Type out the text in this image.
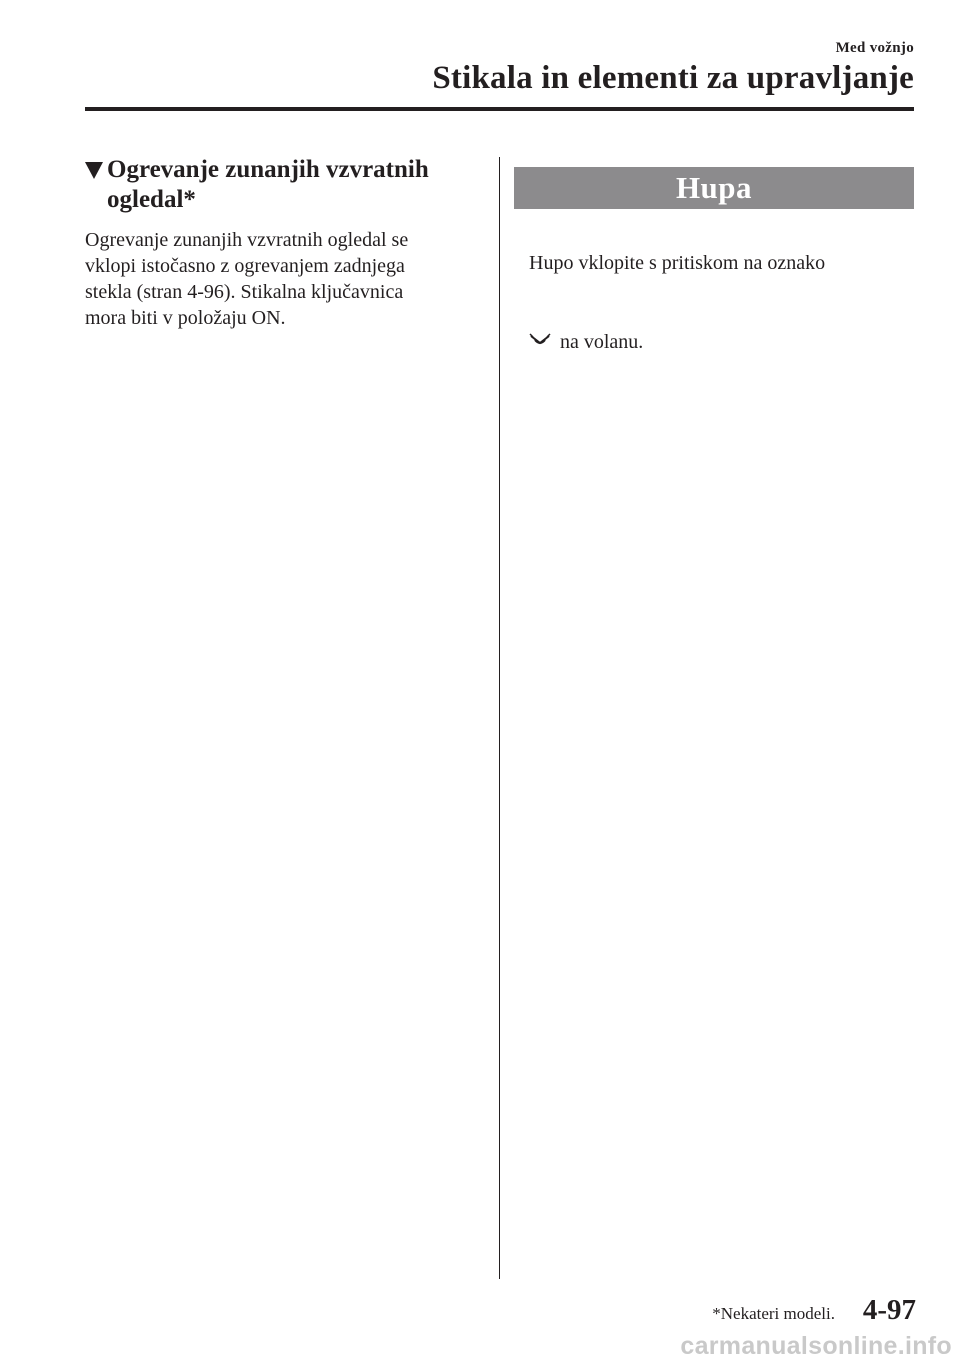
Med vožnjo
Stikala in elementi za upravljanje
Ogrevanje zunanjih vzvratnih
ogledal*

Ogrevanje zunanjih vzvratnih ogledal se
vklopi istočasno z ogrevanjem zadnjega
stekla (stran 4-96). Stikalna ključavnica
mora biti v položaju ON.

Hupa

Hupo vklopite s pritiskom na oznako

na volanu.

*Nekateri modeli. 4-97
carmanualsonline.info
